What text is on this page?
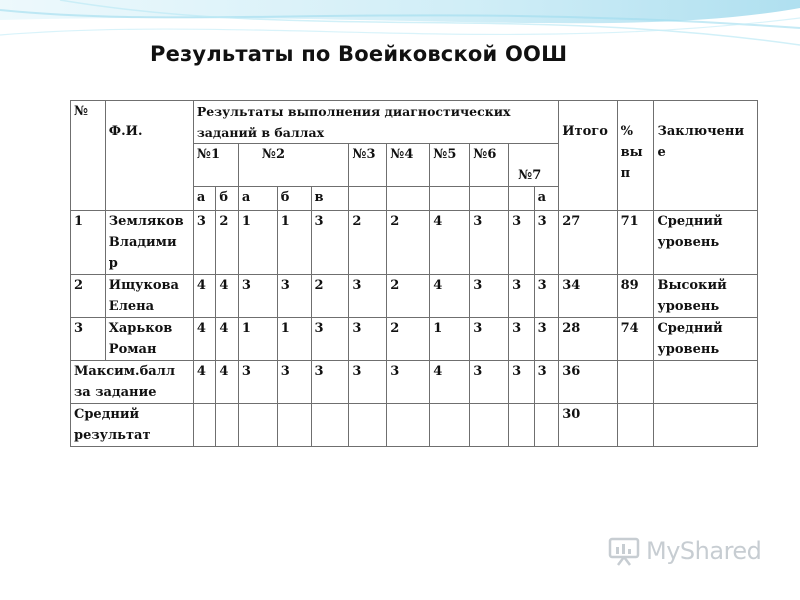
Результаты по Воейковской ООШ
№	Ф.И.	Результаты выполнения диагностических заданий в баллах											Итого	% вы п	Заключени е

		№1		№2			№3	№4	№5	№6	№7				

		а	б	а	б	в						а			
1	Земляков Владими р	3	2	1	1	3	2	2	4	3	3	3	27	71	Средний уровень
2	Ищукова Елена	4	4	3	3	2	3	2	4	3	3	3	34	89	Высокий уровень
3	Харьков Роман	4	4	1	1	3	3	2	1	3	3	3	28	74	Средний уровень
Максим.балл за задание		4	4	3	3	3	3	3	4	3	3	3	36		
Средний результат													30		
MyShared
